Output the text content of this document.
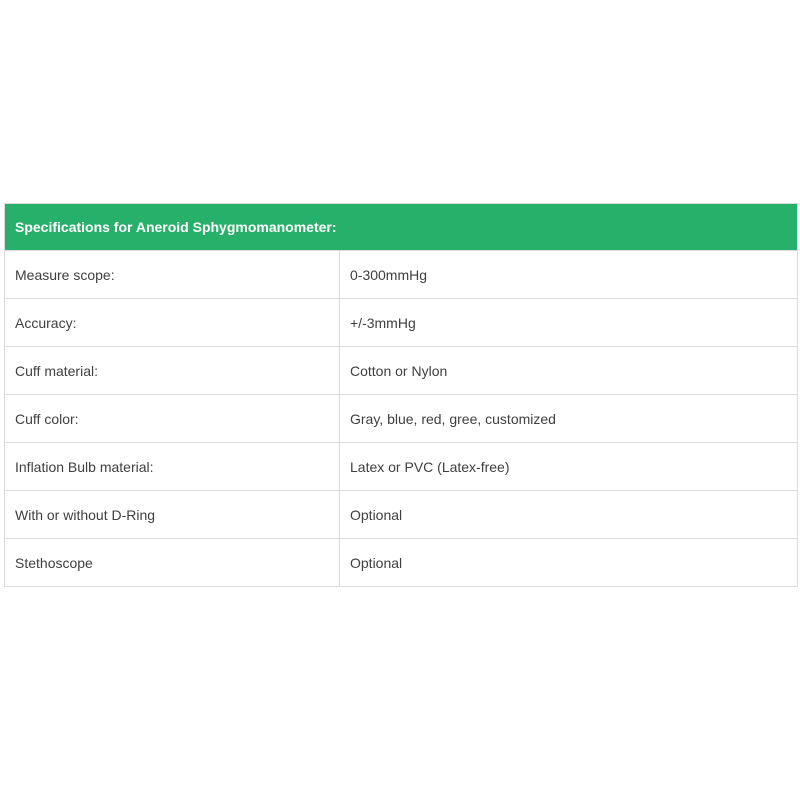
Specifications for Aneroid Sphygmomanometer:	
Measure scope:	0-300mmHg
Accuracy:	+/-3mmHg
Cuff material:	Cotton or Nylon
Cuff color:	Gray, blue, red, gree, customized
Inflation Bulb material:	Latex or PVC (Latex-free)
With or without D-Ring	Optional
Stethoscope	Optional
